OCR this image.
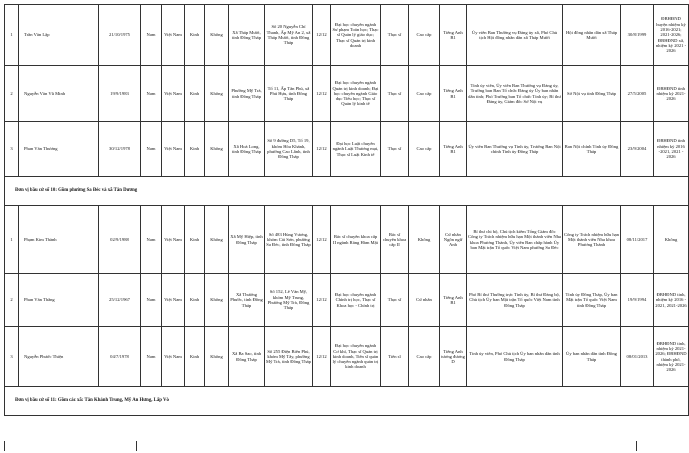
1	Trần Văn Lập	21/10/1975	Nam	Việt Nam	Kinh	Không	Xã Tháp Mười, tỉnh Đồng Tháp	Số 20 Nguyễn Chí Thanh, Ấp Mỹ An 2, xã Tháp Mười, tỉnh Đồng Tháp	12/12	Đại học chuyên ngành Sư phạm Toán học; Thạc sĩ Quản lý giáo dục; Thạc sĩ Quản trị kinh doanh	Thạc sĩ	Cao cấp	Tiếng Anh B1	Ủy viên Ban Thường vụ Đảng ủy xã, Phó Chủ tịch Hội đồng nhân dân xã Tháp Mười	Hội đồng nhân dân xã Tháp Mười	30/8/1999	ĐBHĐND huyện nhiệm kỳ 2016-2021; 2021-2026; ĐBHĐND xã, nhiệm kỳ 2021 - 2026
2	Nguyễn Văn Vũ Minh	19/9/1983	Nam	Việt Nam	Kinh	Không	Phường Mỹ Trà, tỉnh Đồng Tháp	Tổ 11, Ấp Tân Phú, xã Phú Hựu, tỉnh Đồng Tháp	12/12	Đại học chuyên ngành Quản trị kinh doanh; Đại học chuyên ngành Giáo dục Tiểu học; Thạc sĩ Quản lý kinh tế	Thạc sĩ	Cao cấp	Tiếng Anh B1	Tỉnh ủy viên, Ủy viên Ban Thường vụ Đảng ủy, Trưởng ban Ban Tổ chức Đảng ủy Ủy ban nhân dân tỉnh; Phó Trưởng ban Tổ chức Tỉnh ủy; Bí thư Đảng ủy, Giám đốc Sở Nội vụ	Sở Nội vụ tỉnh Đồng Tháp	27/5/2005	ĐBHĐND tỉnh nhiệm kỳ 2021-2026
3	Phan Văn Thương	30/12/1978	Nam	Việt Nam	Kinh	Không	Xã Hoà Long, tỉnh Đồng Tháp	Số 9 đường D5, Tổ 19, khóm Hòa Khánh, phường Cao Lãnh, tỉnh Đồng Tháp	12/12	Đại học Luật chuyên ngành Luật Thương mại, Thạc sĩ Luật Kinh tế	Thạc sĩ	Cao cấp	Tiếng Anh B1	Ủy viên Ban Thường vụ Tỉnh ủy, Trưởng Ban Nội chính Tỉnh ủy Đồng Tháp	Ban Nội chính Tỉnh ủy Đồng Tháp	23/9/2004	ĐBHĐND tỉnh nhiệm kỳ 2016 -2021, 2021 - 2026
Đơn vị bầu cử số 10: Gồm phường Sa Đéc và xã Tân Dương																	
1	Phạm Kim Thành	02/9/1988	Nam	Việt Nam	Kinh	Không	Xã Mỹ Hiệp, tỉnh Đồng Tháp	Số 483 Hùng Vương, khóm Cái Sơn, phường Sa Đéc, tỉnh Đồng Tháp	12/12	Bác sĩ chuyên khoa cấp II ngành Răng Hàm Mặt	Bác sĩ chuyên khoa cấp II	Không	Cử nhân Ngôn ngữ Anh	Bí thư chi bộ, Chủ tịch kiêm Tổng Giám đốc Công ty Trách nhiệm hữu hạn Một thành viên Nha khoa Phương Thành, Ủy viên Ban chấp hành Ủy ban Mặt trận Tổ quốc Việt Nam phường Sa Đéc	Công ty Trách nhiệm hữu hạn Một thành viên Nha khoa Phương Thành	08/11/2017	Không
2	Phan Văn Thắng	25/12/1967	Nam	Việt Nam	Kinh	Không	Xã Thường Phước, tỉnh Đồng Tháp	Số 152, Lê Văn Mỹ, khóm Mỹ Trung, Phường Mỹ Trà, Đồng Tháp	12/12	Đại học chuyên ngành Chính trị học, Thạc sĩ Khoa học - Chính trị	Thạc sĩ	Cử nhân	Tiếng Anh B1	Phó Bí thư Thường trực Tỉnh ủy, Bí thư Đảng bộ, Chủ tịch Ủy ban Mặt trận Tổ quốc Việt Nam tỉnh Đồng Tháp	Tỉnh ủy Đồng Tháp, Ủy ban Mặt trận Tổ quốc Việt Nam tỉnh Đồng Tháp	19/9/1994	ĐBHĐND tỉnh, nhiệm kỳ 2016 - 2021, 2021-2026
3	Nguyễn Phước Thiện	04/7/1978	Nam	Việt Nam	Kinh	Không	Xã Ba Sao, tỉnh Đồng Tháp	Số 255 Điện Biên Phủ, khóm Mỹ Tây, phường Mỹ Trà, tỉnh Đồng Tháp	12/12	Đại học chuyên ngành Cơ khí, Thạc sĩ Quản trị kinh doanh, Tiến sĩ quản lý chuyên ngành quản trị kinh doanh	Tiến sĩ	Cao cấp	Tiếng Anh tương đương D	Tỉnh ủy viên, Phó Chủ tịch Ủy ban nhân dân tỉnh Đồng Tháp	Ủy ban nhân dân tỉnh Đồng Tháp	08/01/2013	ĐBHĐND tỉnh, nhiệm kỳ 2021-2026; ĐBHĐND thành phố, nhiệm kỳ 2021-2026
Đơn vị bầu cử số 11: Gồm các xã: Tân Khánh Trung, Mỹ An Hưng, Lấp Vò																	
